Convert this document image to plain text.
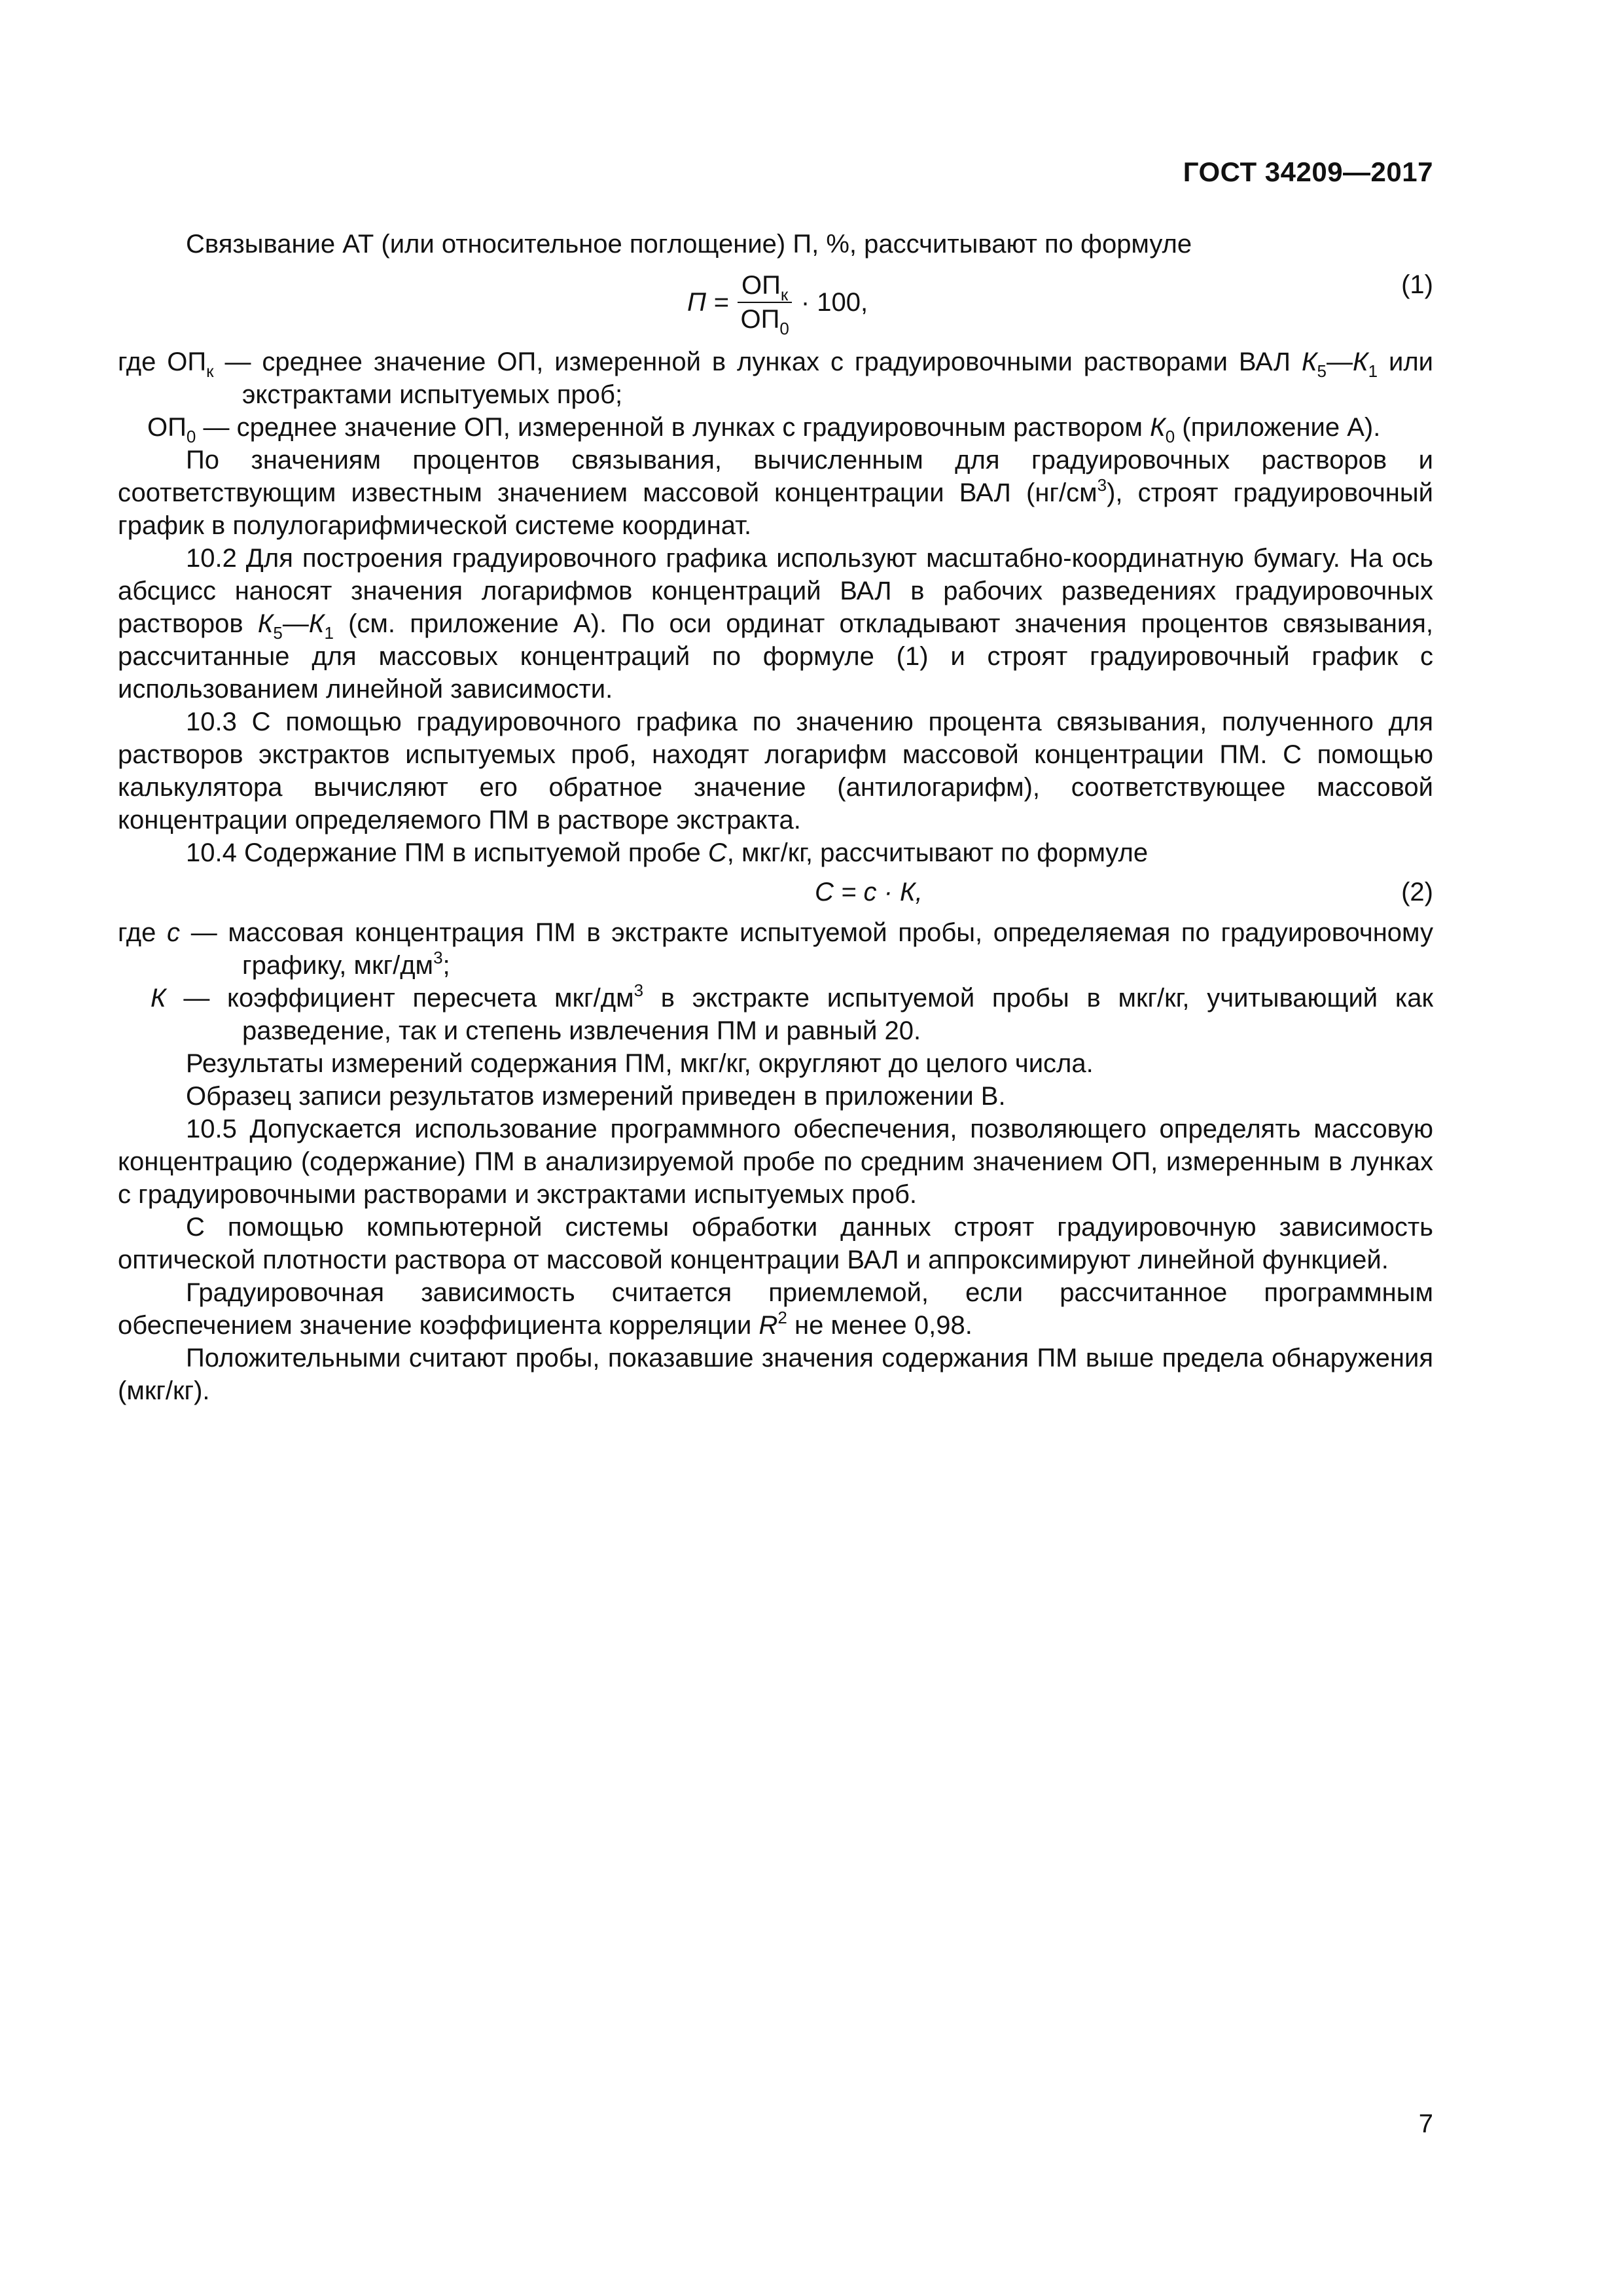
ГОСТ 34209—2017

Связывание АТ (или относительное поглощение) П, %, рассчитывают по формуле

$П = \frac{ОП_к}{ОП_0} \cdot 100$,
(1)

где $ОП_к$ — среднее значение ОП, измеренной в лунках с градуировочными растворами ВАЛ $К_5—К_1$ или экстрактами испытуемых проб;

$ОП_0$ — среднее значение ОП, измеренной в лунках с градуировочным раствором $К_0$ (приложение А).

По значениям процентов связывания, вычисленным для градуировочных растворов и соответствующим известным значением массовой концентрации ВАЛ $(нг/см^3)$, строят градуировочный график в полулогарифмической системе координат.

10.2 Для построения градуировочного графика используют масштабно-координатную бумагу. На ось абсцисс наносят значения логарифмов концентраций ВАЛ в рабочих разведениях градуировочных растворов $К_5—К_1$ (см. приложение А). По оси ординат откладывают значения процентов связывания, рассчитанные для массовых концентраций по формуле (1) и строят градуировочный график с использованием линейной зависимости.

10.3 С помощью градуировочного графика по значению процента связывания, полученного для растворов экстрактов испытуемых проб, находят логарифм массовой концентрации ПМ. С помощью калькулятора вычисляют его обратное значение (антилогарифм), соответствующее массовой концентрации определяемого ПМ в растворе экстракта.

10.4 Содержание ПМ в испытуемой пробе С, мкг/кг, рассчитывают по формуле

С = с · К,	(2)

где с — массовая концентрация ПМ в экстракте испытуемой пробы, определяемая по градуировочному графику, мкг/$дм^3$;

К — коэффициент пересчета мкг/$дм^3$ в экстракте испытуемой пробы в мкг/кг, учитывающий как разведение, так и степень извлечения ПМ и равный 20.

Результаты измерений содержания ПМ, мкг/кг, округляют до целого числа.

Образец записи результатов измерений приведен в приложении В.

10.5 Допускается использование программного обеспечения, позволяющего определять массовую концентрацию (содержание) ПМ в анализируемой пробе по средним значением ОП, измеренным в лунках с градуировочными растворами и экстрактами испытуемых проб.

С помощью компьютерной системы обработки данных строят градуировочную зависимость оптической плотности раствора от массовой концентрации ВАЛ и аппроксимируют линейной функцией.

Градуировочная зависимость считается приемлемой, если рассчитанное программным обеспечением значение коэффициента корреляции $R^2$ не менее 0,98.

Положительными считают пробы, показавшие значения содержания ПМ выше предела обнаружения (мкг/кг).

7
